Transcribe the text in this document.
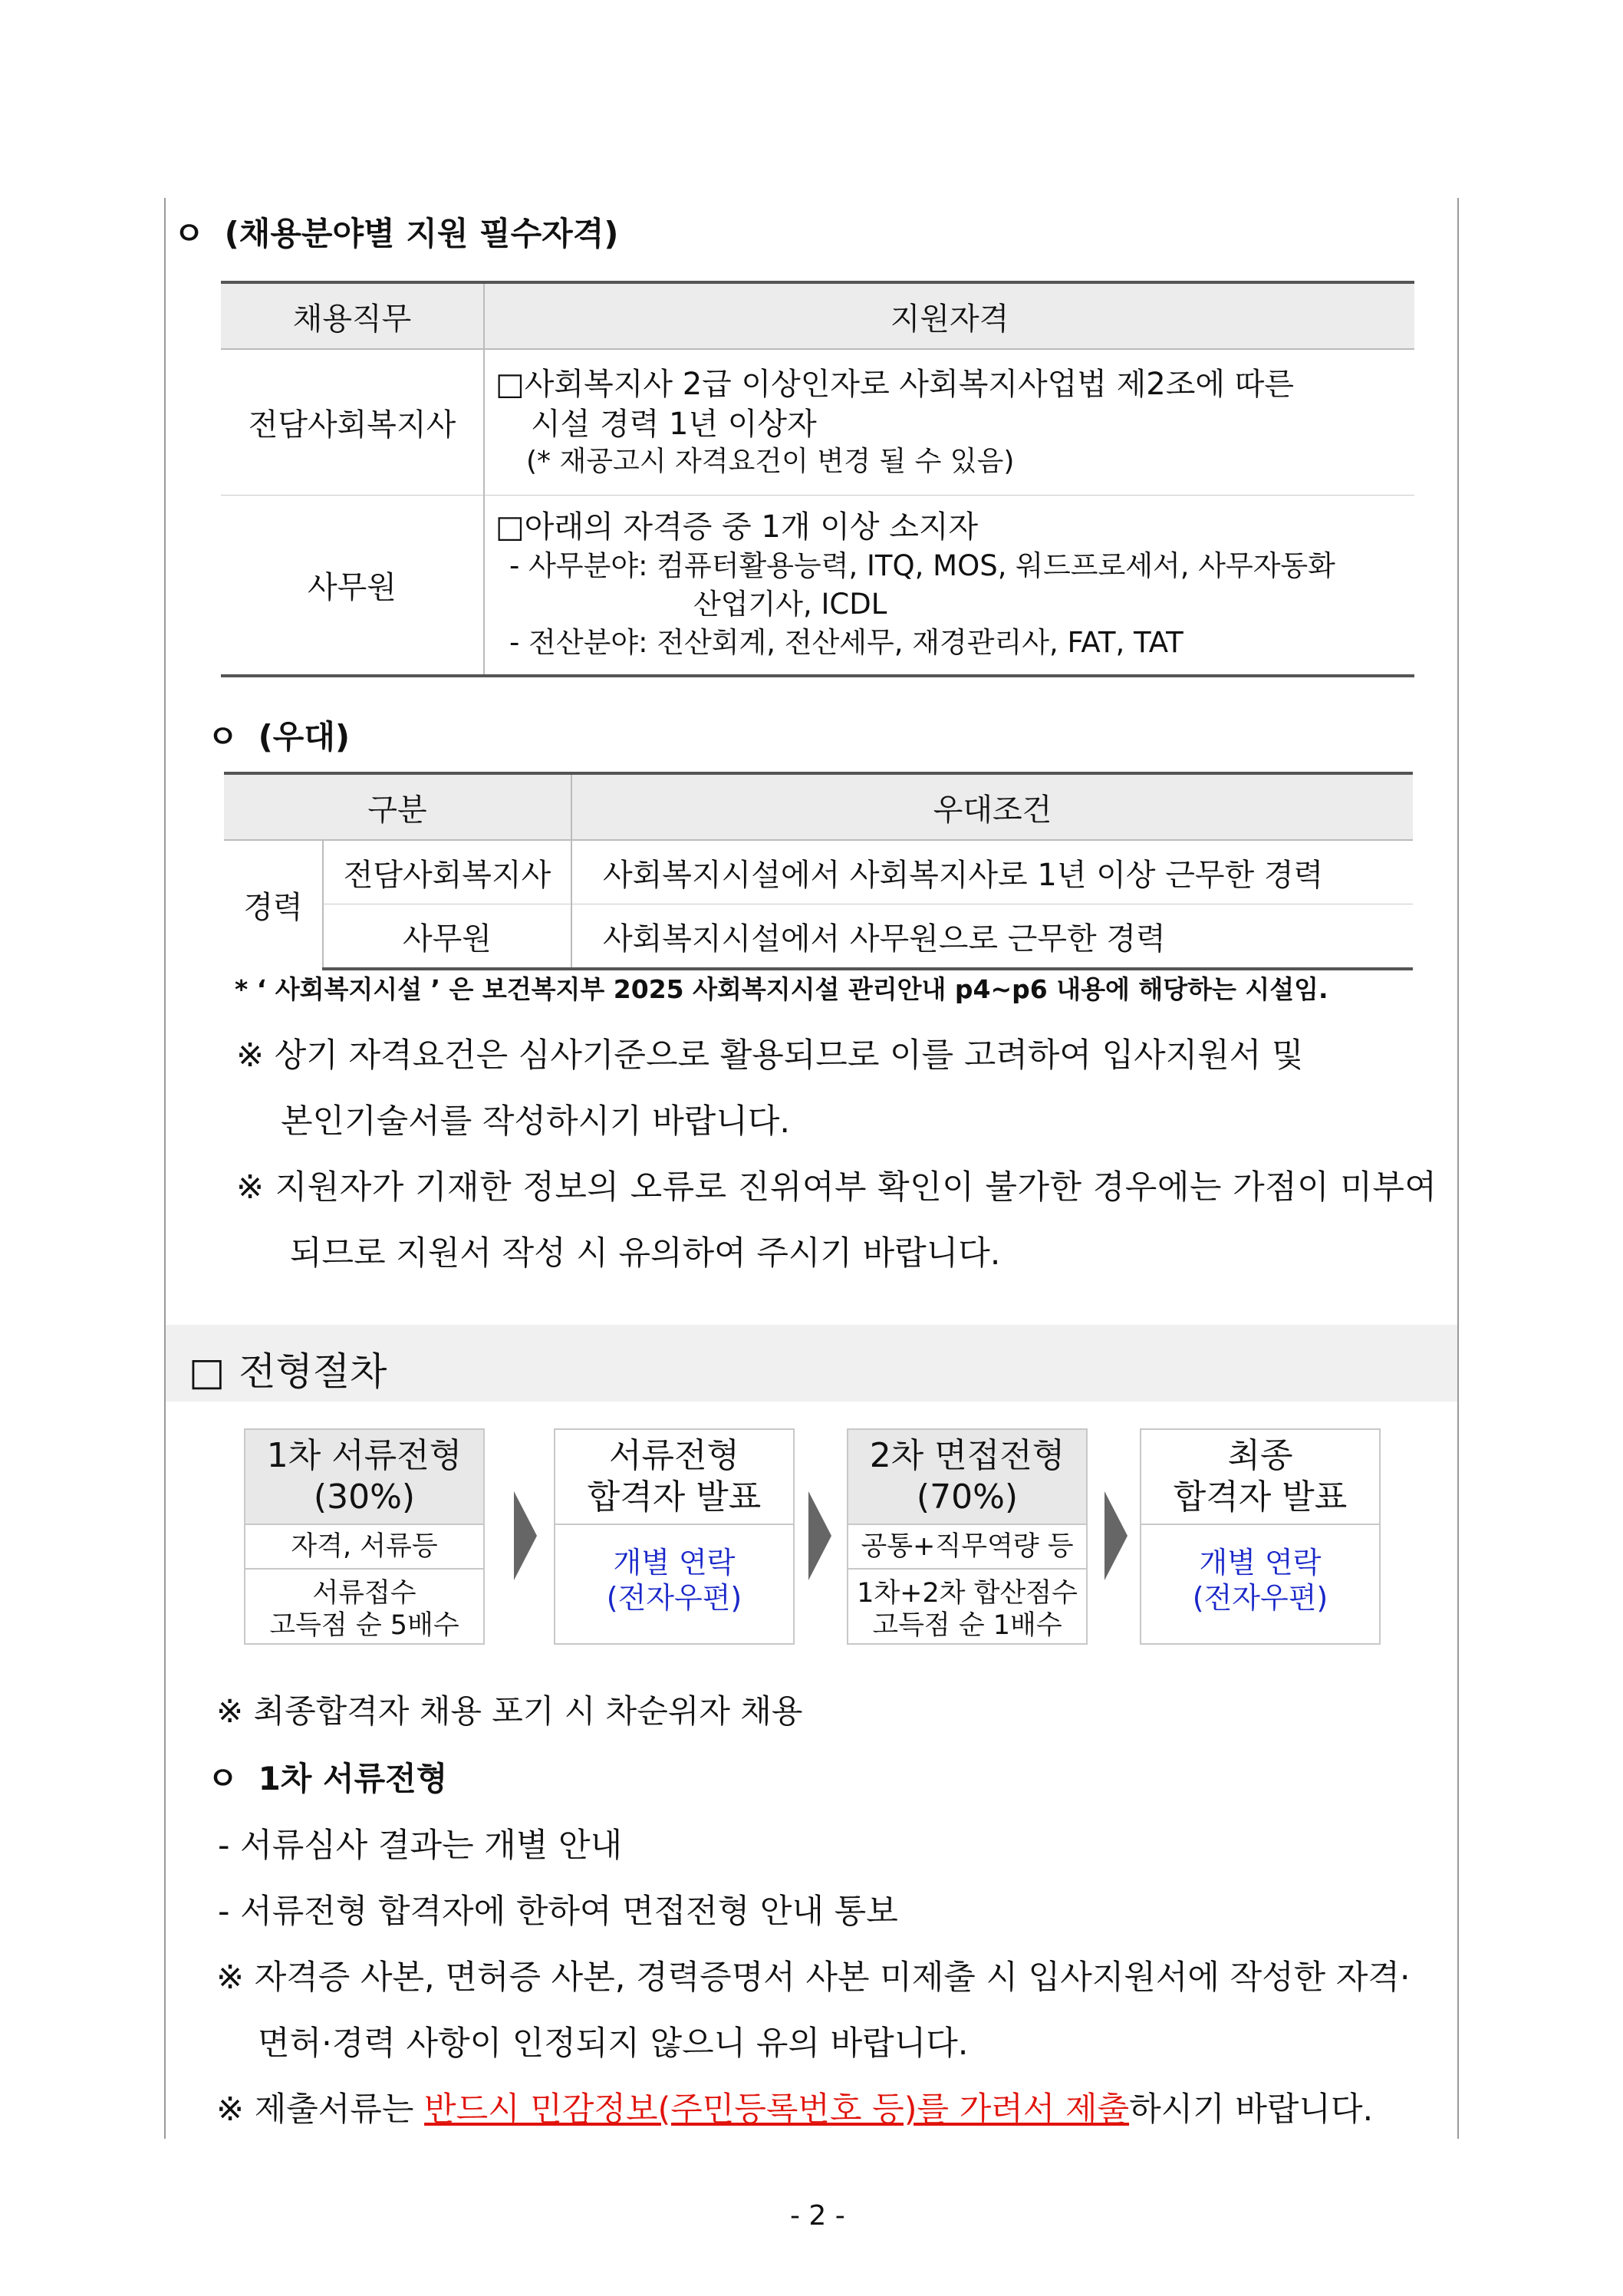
ㅇ (채용분야별 지원 필수자격)
채용직무	지원자격
전담사회복지사	□사회복지사 2급 이상인자로 사회복지사업법 제2조에 따른
시설 경력 1년 이상자
(* 재공고시 자격요건이 변경 될 수 있음)

사무원	□아래의 자격증 중 1개 이상 소지자
- 사무분야: 컴퓨터활용능력, ITQ, MOS, 워드프로세서, 사무자동화
산업기사, ICDL
- 전산분야: 전산회계, 전산세무, 재경관리사, FAT, TAT
ㅇ (우대)
구분		우대조건
경력	전담사회복지사	사회복지시설에서 사회복지사로 1년 이상 근무한 경력
	사무원	사회복지시설에서 사무원으로 근무한 경력
* ‘ 사회복지시설 ’ 은 보건복지부 2025 사회복지시설 관리안내 p4~p6 내용에 해당하는 시설임.
※ 상기 자격요건은 심사기준으로 활용되므로 이를 고려하여 입사지원서 및
본인기술서를 작성하시기 바랍니다.
※ 지원자가 기재한 정보의 오류로 진위여부 확인이 불가한 경우에는 가점이 미부여
되므로 지원서 작성 시 유의하여 주시기 바랍니다.
□ 전형절차
1차 서류전형
(30%)
자격, 서류등
서류접수
고득점 순 5배수
서류전형
합격자 발표
개별 연락
(전자우편)
2차 면접전형
(70%)
공통+직무역량 등
1차+2차 합산점수
고득점 순 1배수
최종
합격자 발표
개별 연락
(전자우편)
※ 최종합격자 채용 포기 시 차순위자 채용
ㅇ 1차 서류전형
- 서류심사 결과는 개별 안내
- 서류전형 합격자에 한하여 면접전형 안내 통보
※ 자격증 사본, 면허증 사본, 경력증명서 사본 미제출 시 입사지원서에 작성한 자격·
면허·경력 사항이 인정되지 않으니 유의 바랍니다.
※ 제출서류는 반드시 민감정보(주민등록번호 등)를 가려서 제출하시기 바랍니다.
- 2 -
